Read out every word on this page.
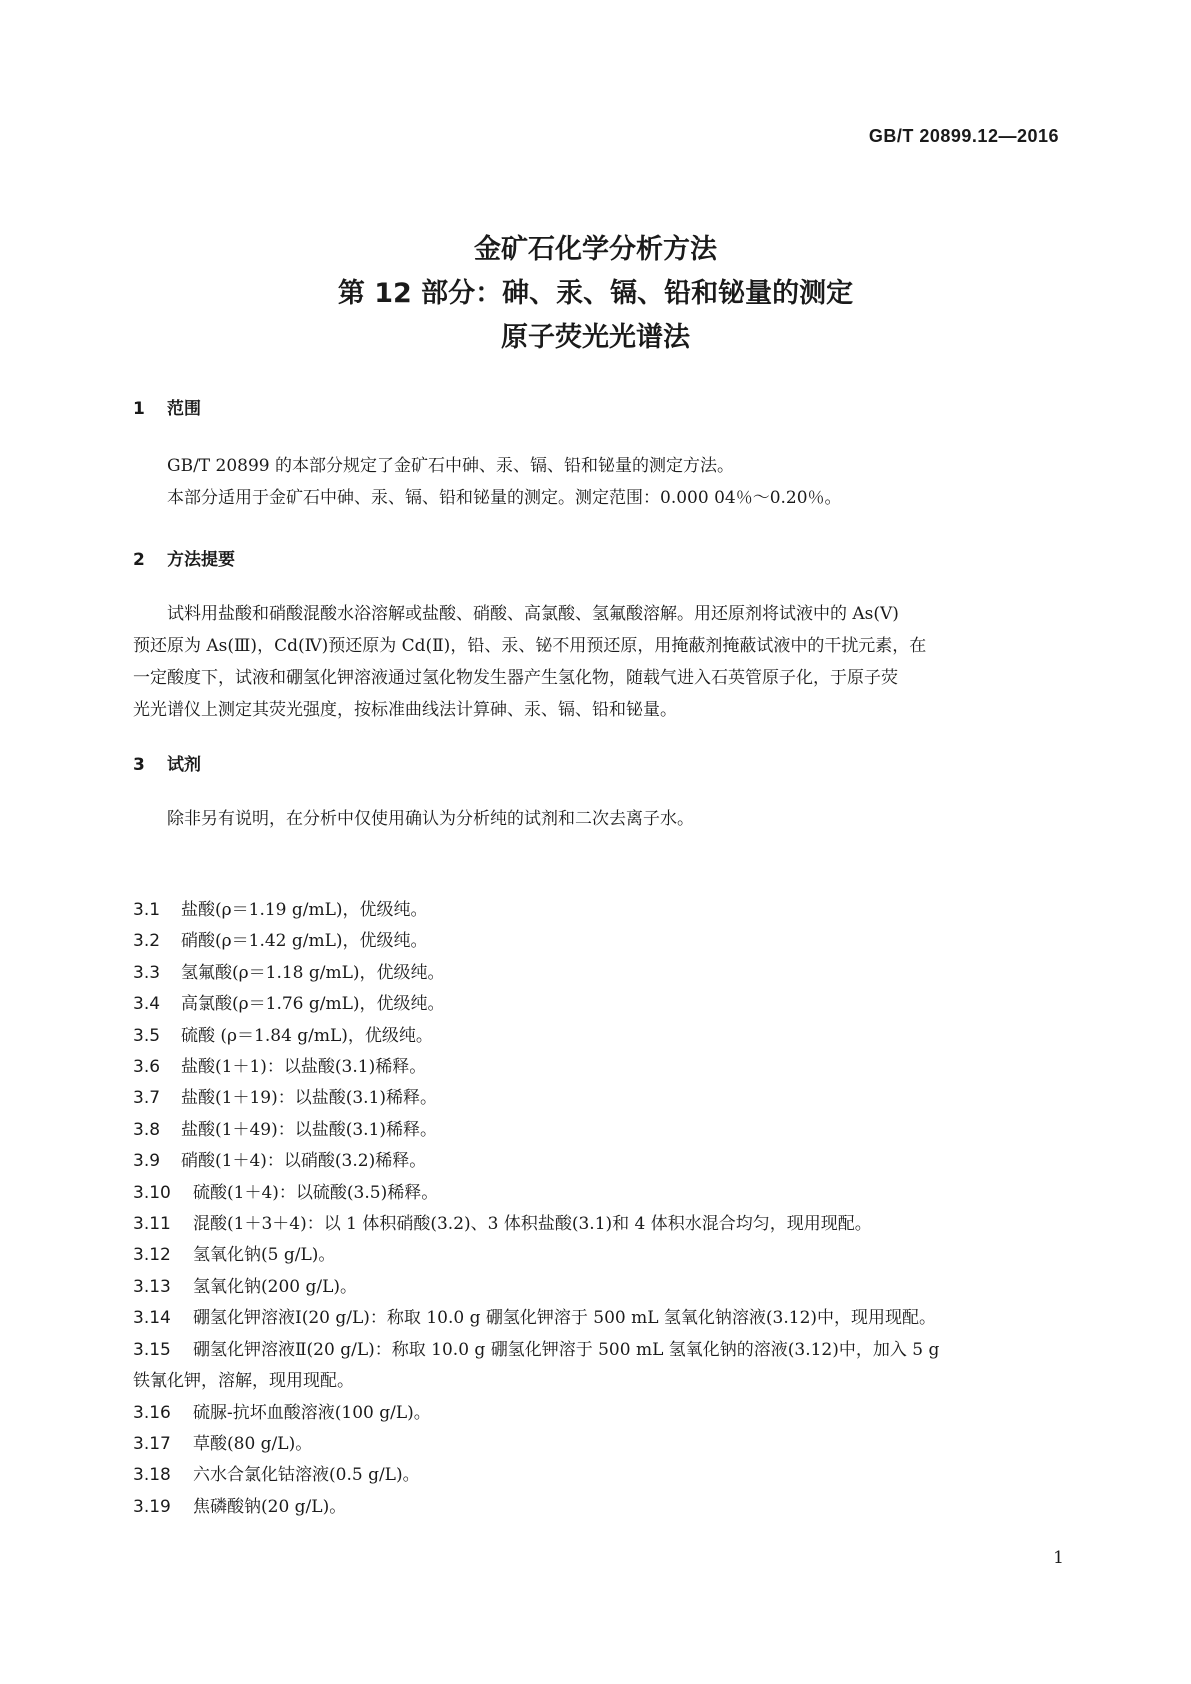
GB/T 20899.12—2016
金矿石化学分析方法
第 12 部分：砷、汞、镉、铅和铋量的测定
原子荧光光谱法
1 范围
GB/T 20899 的本部分规定了金矿石中砷、汞、镉、铅和铋量的测定方法。
本部分适用于金矿石中砷、汞、镉、铅和铋量的测定。测定范围：0.000 04％～0.20％。
2 方法提要
试料用盐酸和硝酸混酸水浴溶解或盐酸、硝酸、高氯酸、氢氟酸溶解。用还原剂将试液中的 As(Ⅴ)
预还原为 As(Ⅲ)，Cd(Ⅳ)预还原为 Cd(Ⅱ)，铅、汞、铋不用预还原，用掩蔽剂掩蔽试液中的干扰元素，在
一定酸度下，试液和硼氢化钾溶液通过氢化物发生器产生氢化物，随载气进入石英管原子化，于原子荧
光光谱仪上测定其荧光强度，按标准曲线法计算砷、汞、镉、铅和铋量。
3 试剂
除非另有说明，在分析中仅使用确认为分析纯的试剂和二次去离子水。
3.1 盐酸(ρ＝1.19 g/mL)，优级纯。
3.2 硝酸(ρ＝1.42 g/mL)，优级纯。
3.3 氢氟酸(ρ＝1.18 g/mL)，优级纯。
3.4 高氯酸(ρ＝1.76 g/mL)，优级纯。
3.5 硫酸 (ρ＝1.84 g/mL)，优级纯。
3.6 盐酸(1＋1)：以盐酸(3.1)稀释。
3.7 盐酸(1＋19)：以盐酸(3.1)稀释。
3.8 盐酸(1＋49)：以盐酸(3.1)稀释。
3.9 硝酸(1＋4)：以硝酸(3.2)稀释。
3.10 硫酸(1＋4)：以硫酸(3.5)稀释。
3.11 混酸(1＋3＋4)：以 1 体积硝酸(3.2)、3 体积盐酸(3.1)和 4 体积水混合均匀，现用现配。
3.12 氢氧化钠(5 g/L)。
3.13 氢氧化钠(200 g/L)。
3.14 硼氢化钾溶液Ⅰ(20 g/L)：称取 10.0 g 硼氢化钾溶于 500 mL 氢氧化钠溶液(3.12)中，现用现配。
3.15 硼氢化钾溶液Ⅱ(20 g/L)：称取 10.0 g 硼氢化钾溶于 500 mL 氢氧化钠的溶液(3.12)中，加入 5 g
铁氰化钾，溶解，现用现配。
3.16 硫脲-抗坏血酸溶液(100 g/L)。
3.17 草酸(80 g/L)。
3.18 六水合氯化钴溶液(0.5 g/L)。
3.19 焦磷酸钠(20 g/L)。
1
